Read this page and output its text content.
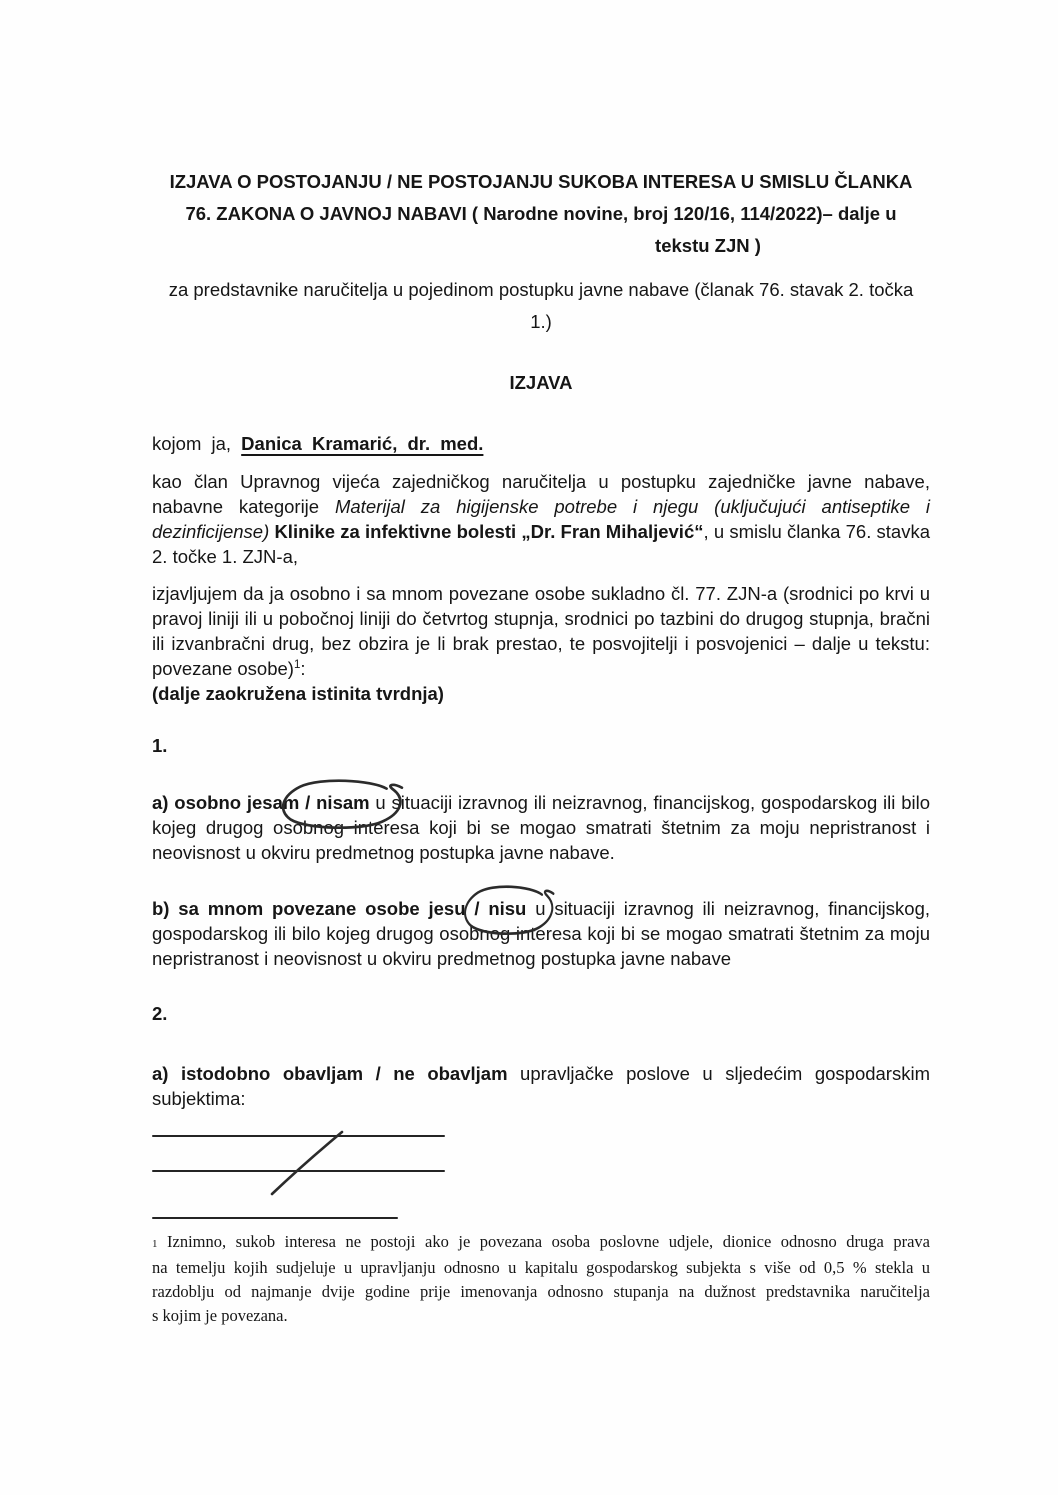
IZJAVA O POSTOJANJU / NE POSTOJANJU SUKOBA INTERESA U SMISLU ČLANKA
76. ZAKONA O JAVNOJ NABAVI ( Narodne novine, broj 120/16, 114/2022)– dalje u
tekstu ZJN )
za predstavnike naručitelja u pojedinom postupku javne nabave (članak 76. stavak 2. točka
1.)
IZJAVA
kojom ja, Danica Kramarić, dr. med.
kao član Upravnog vijeća zajedničkog naručitelja u postupku zajedničke javne nabave,
nabavne kategorije Materijal za higijenske potrebe i njegu (uključujući antiseptike i
dezinficijense) Klinike za infektivne bolesti „Dr. Fran Mihaljević“, u smislu članka 76. stavka
2. točke 1. ZJN-a,
izjavljujem da ja osobno i sa mnom povezane osobe sukladno čl. 77. ZJN-a (srodnici po krvi u
pravoj liniji ili u pobočnoj liniji do četvrtog stupnja, srodnici po tazbini do drugog stupnja, bračni
ili izvanbračni drug, bez obzira je li brak prestao, te posvojitelji i posvojenici – dalje u tekstu:
povezane osobe)$^1$:
(dalje zaokružena istinita tvrdnja)
1.
a) osobno jesam / nisam
u situaciji izravnog ili neizravnog, financijskog, gospodarskog ili bilo
kojeg drugog osobnog interesa koji bi se mogao smatrati štetnim za moju nepristranost i
neovisnost u okviru predmetnog postupka javne nabave.
b) sa mnom povezane osobe jesu / nisu
u situaciji izravnog ili neizravnog, financijskog,
gospodarskog ili bilo kojeg drugog osobnog interesa koji bi se mogao smatrati štetnim za moju
nepristranost i neovisnost u okviru predmetnog postupka javne nabave
2.
a) istodobno obavljam / ne obavljam upravljačke poslove u sljedećim gospodarskim
subjektima:
1 Iznimno, sukob interesa ne postoji ako je povezana osoba poslovne udjele, dionice odnosno druga prava
na temelju kojih sudjeluje u upravljanju odnosno u kapitalu gospodarskog subjekta s više od 0,5 % stekla u
razdoblju od najmanje dvije godine prije imenovanja odnosno stupanja na dužnost predstavnika naručitelja
s kojim je povezana.
